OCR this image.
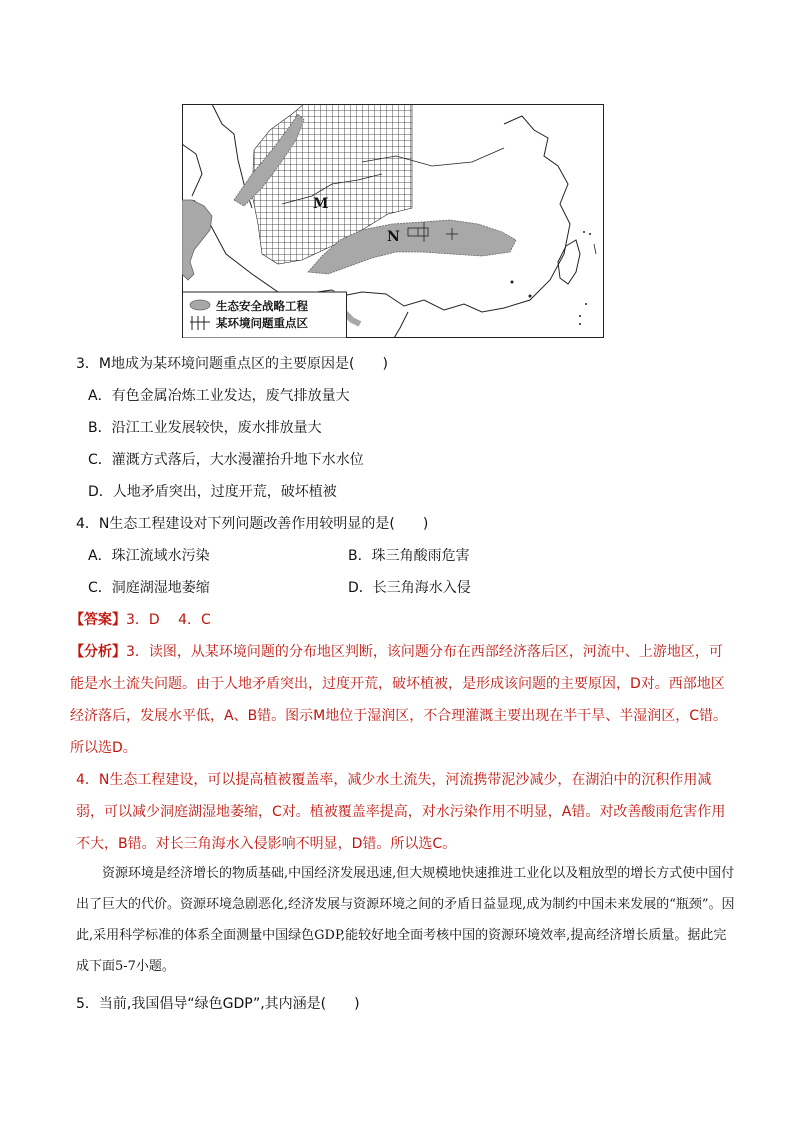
M
N
生态安全战略工程
某环境问题重点区
3．M地成为某环境问题重点区的主要原因是(　　)
A．有色金属冶炼工业发达，废气排放量大
B．沿江工业发展较快，废水排放量大
C．灌溉方式落后，大水漫灌抬升地下水水位
D．人地矛盾突出，过度开荒，破坏植被
4．N生态工程建设对下列问题改善作用较明显的是(　　)
A．珠江流域水污染	B．珠三角酸雨危害
C．洞庭湖湿地萎缩	D．长三角海水入侵
【答案】3．D　 4．C

【分析】3．读图，从某环境问题的分布地区判断，该问题分布在西部经济落后区，河流中、上游地区，可能是水土流失问题。由于人地矛盾突出，过度开荒，破坏植被，是形成该问题的主要原因，D对。西部地区经济落后，发展水平低，A、B错。图示M地位于湿润区，不合理灌溉主要出现在半干旱、半湿润区，C错。所以选D。

4．N生态工程建设，可以提高植被覆盖率，减少水土流失，河流携带泥沙减少，在湖泊中的沉积作用减弱，可以减少洞庭湖湿地萎缩，C对。植被覆盖率提高，对水污染作用不明显，A错。对改善酸雨危害作用不大，B错。对长三角海水入侵影响不明显，D错。所以选C。

资源环境是经济增长的物质基础,中国经济发展迅速,但大规模地快速推进工业化以及粗放型的增长方式使中国付出了巨大的代价。资源环境急剧恶化,经济发展与资源环境之间的矛盾日益显现,成为制约中国未来发展的“瓶颈”。因此,采用科学标准的体系全面测量中国绿色GDP,能较好地全面考核中国的资源环境效率,提高经济增长质量。据此完成下面5-7小题。

5．当前,我国倡导“绿色GDP”,其内涵是(　　)
